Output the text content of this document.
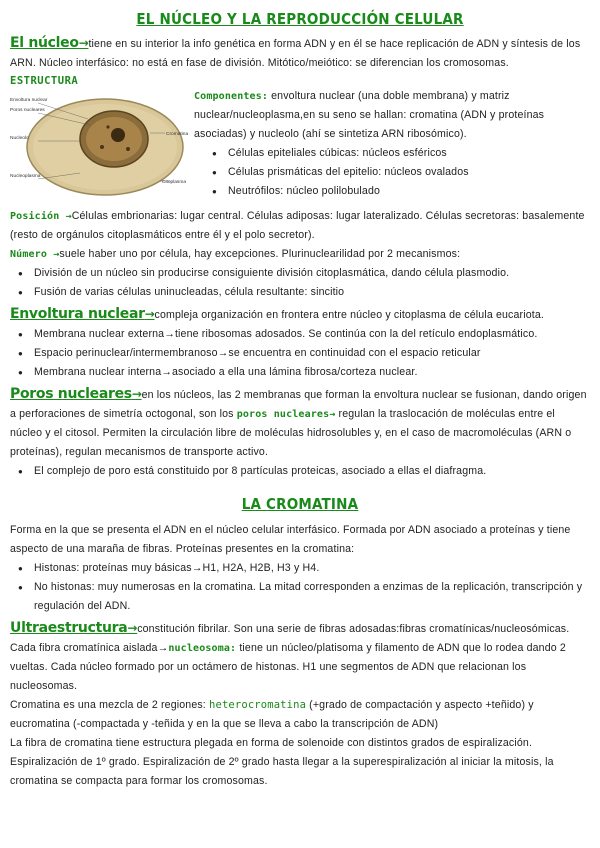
EL NÚCLEO Y LA REPRODUCCIÓN CELULAR

El núcleo→tiene en su interior la info genética en forma ADN y en él se hace replicación de ADN y síntesis de los ARN. Núcleo interfásico: no está en fase de división. Mitótico/meiótico: se diferencian los cromosomas.

ESTRUCTURA
Envoltura nuclear
Poros nucleares
Nucleolo
Cromatina
Nucleoplasma
Citoplasma

Componentes: envoltura nuclear (una doble membrana) y matriz nuclear/nucleoplasma,en su seno se hallan: cromatina (ADN y proteínas asociadas) y nucleolo (ahí se sintetiza ARN ribosómico).

● Células epiteliales cúbicas: núcleos esféricos
● Células prismáticas del epitelio: núcleos ovalados
● Neutrófilos: núcleo polilobulado

Posición →Células embrionarias: lugar central. Células adiposas: lugar lateralizado. Células secretoras: basalemente (resto de orgánulos citoplasmáticos entre él y el polo secretor).

Número →suele haber uno por célula, hay excepciones. Plurinuclearilidad por 2 mecanismos:

● División de un núcleo sin producirse consiguiente división citoplasmática, dando célula plasmodio.
● Fusión de varias células uninucleadas, célula resultante: sincitio

Envoltura nuclear→compleja organización en frontera entre núcleo y citoplasma de célula eucariota.

● Membrana nuclear externa→tiene ribosomas adosados. Se continúa con la del retículo endoplasmático.
● Espacio perinuclear/intermembranoso→se encuentra en continuidad con el espacio reticular
● Membrana nuclear interna→asociado a ella una lámina fibrosa/corteza nuclear.

Poros nucleares→en los núcleos, las 2 membranas que forman la envoltura nuclear se fusionan, dando origen a perforaciones de simetría octogonal, son los poros nucleares→ regulan la traslocación de moléculas entre el núcleo y el citosol. Permiten la circulación libre de moléculas hidrosolubles y, en el caso de macromoléculas (ARN o proteínas), regulan mecanismos de transporte activo.

● El complejo de poro está constituido por 8 partículas proteicas, asociado a ellas el diafragma.
LA CROMATINA

Forma en la que se presenta el ADN en el núcleo celular interfásico. Formada por ADN asociado a proteínas y tiene aspecto de una maraña de fibras. Proteínas presentes en la cromatina:

● Histonas: proteínas muy básicas→H1, H2A, H2B, H3 y H4.
● No histonas: muy numerosas en la cromatina. La mitad corresponden a enzimas de la replicación, transcripción y regulación del ADN.

Ultraestructura→constitución fibrilar. Son una serie de fibras adosadas:fibras cromatínicas/nucleosómicas.

Cada fibra cromatínica aislada→nucleosoma: tiene un núcleo/platisoma y filamento de ADN que lo rodea dando 2 vueltas. Cada núcleo formado por un octámero de histonas. H1 une segmentos de ADN que relacionan los nucleosomas.

Cromatina es una mezcla de 2 regiones: heterocromatina (+grado de compactación y aspecto +teñido) y eucromatina (-compactada y -teñida y en la que se lleva a cabo la transcripción de ADN)

La fibra de cromatina tiene estructura plegada en forma de solenoide con distintos grados de espiralización. Espiralización de 1º grado. Espiralización de 2º grado hasta llegar a la superespiralización al iniciar la mitosis, la cromatina se compacta para formar los cromosomas.
